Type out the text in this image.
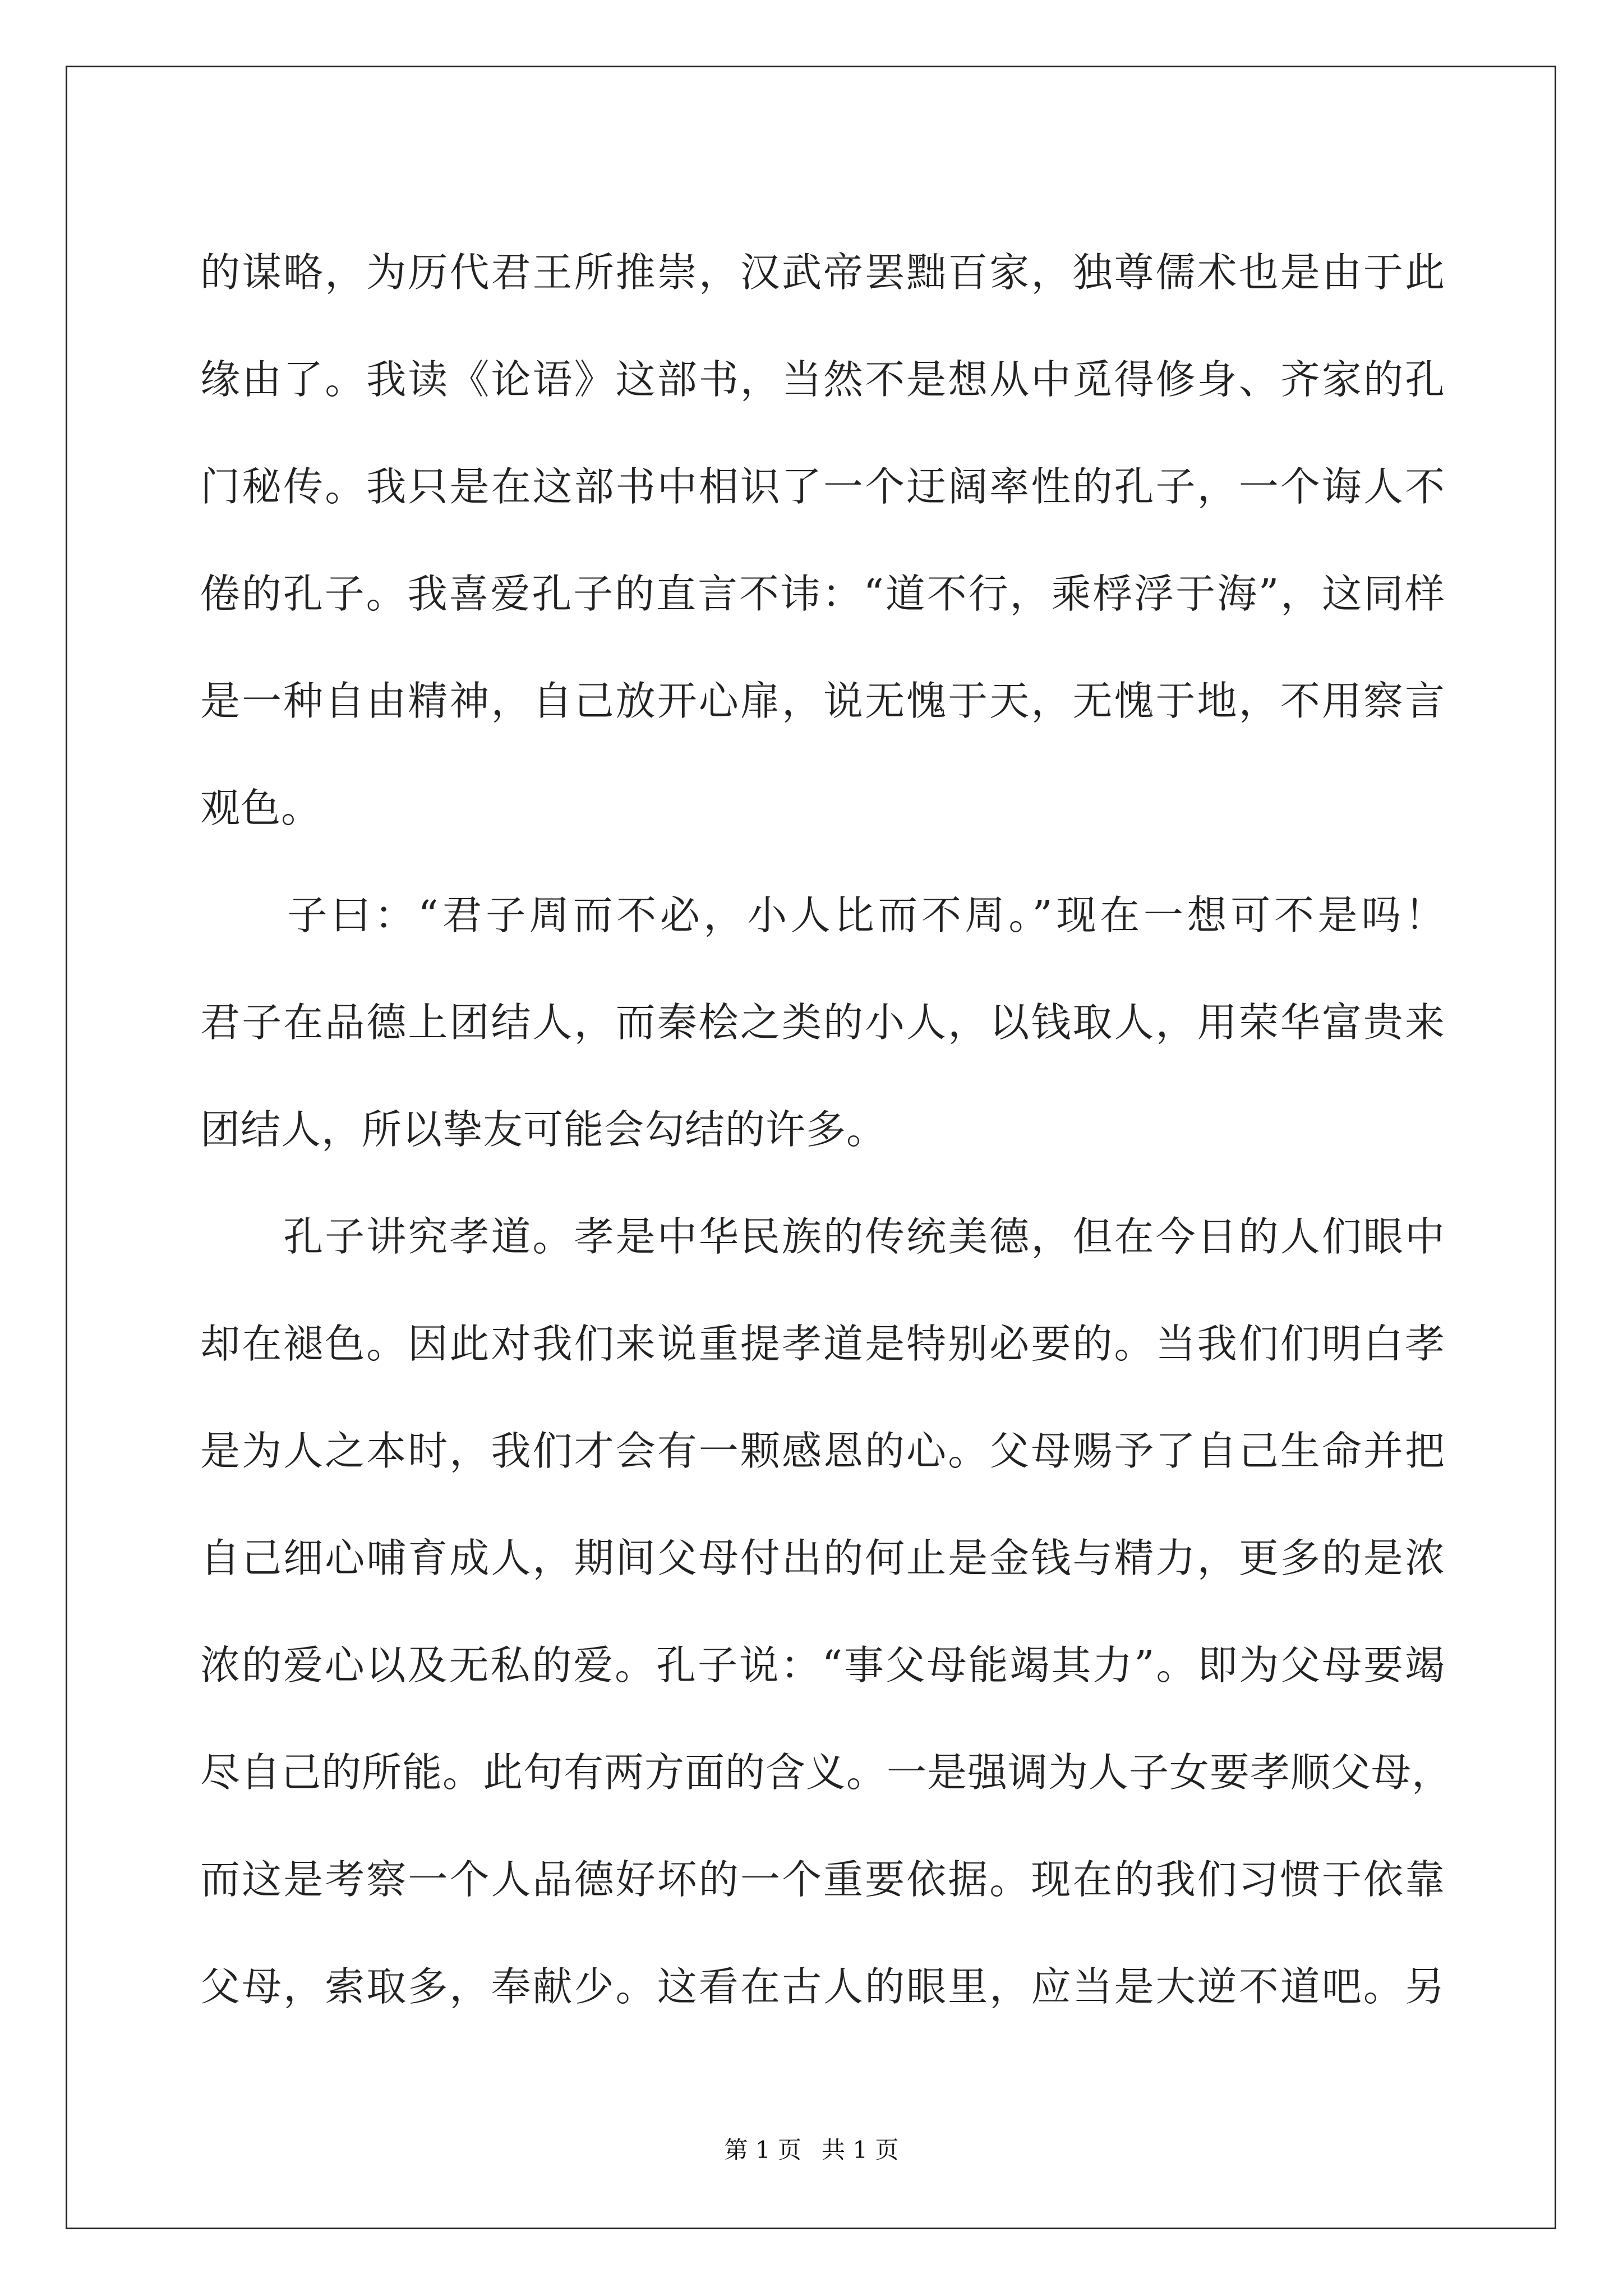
的谋略，为历代君王所推崇，汉武帝罢黜百家，独尊儒术也是由于此
缘由了。我读《论语》这部书，当然不是想从中觅得修身、齐家的孔
门秘传。我只是在这部书中相识了一个迂阔率性的孔子，一个诲人不
倦的孔子。我喜爱孔子的直言不讳：“道不行，乘桴浮于海”，这同样
是一种自由精神，自己放开心扉，说无愧于天，无愧于地，不用察言
观色。
　　子曰：“君子周而不必，小人比而不周。”现在一想可不是吗！
君子在品德上团结人，而秦桧之类的小人，以钱取人，用荣华富贵来
团结人，所以挚友可能会勾结的许多。
　　孔子讲究孝道。孝是中华民族的传统美德，但在今日的人们眼中
却在褪色。因此对我们来说重提孝道是特别必要的。当我们们明白孝
是为人之本时，我们才会有一颗感恩的心。父母赐予了自己生命并把
自己细心哺育成人，期间父母付出的何止是金钱与精力，更多的是浓
浓的爱心以及无私的爱。孔子说：“事父母能竭其力”。即为父母要竭
尽自己的所能。此句有两方面的含义。一是强调为人子女要孝顺父母，
而这是考察一个人品德好坏的一个重要依据。现在的我们习惯于依靠
父母，索取多，奉献少。这看在古人的眼里，应当是大逆不道吧。另
第 1 页 共 1 页
